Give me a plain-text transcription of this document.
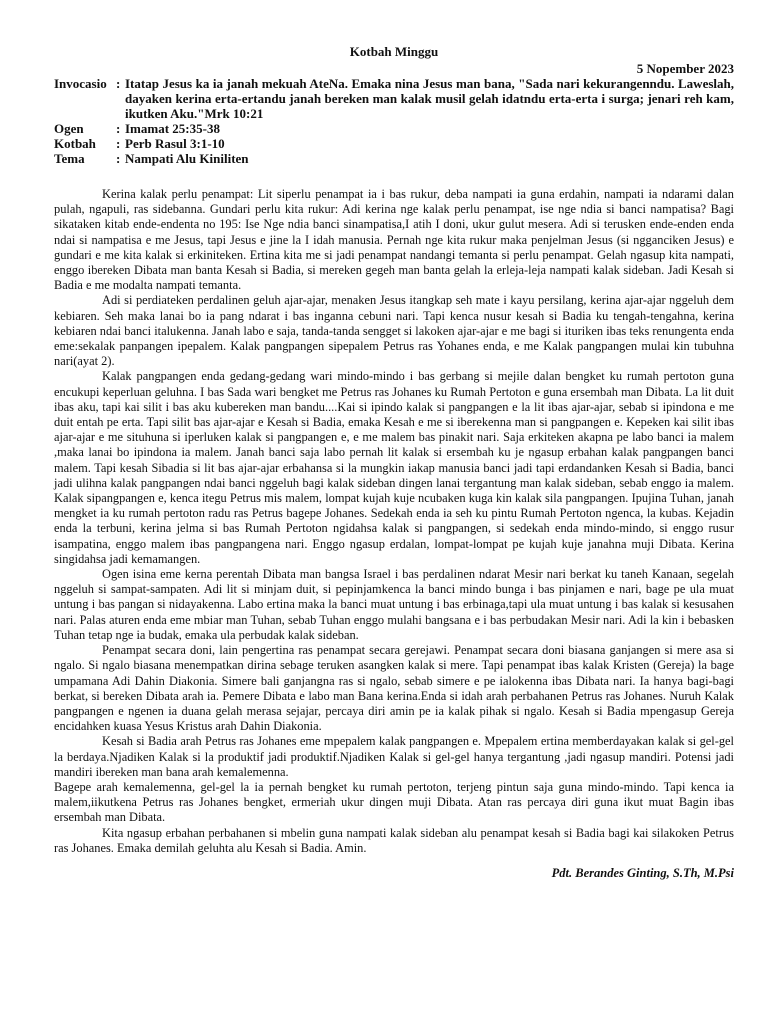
Kotbah Minggu
5 Nopember 2023
Invocasio : Itatap Jesus ka ia janah mekuah AteNa. Emaka nina Jesus man bana, "Sada nari kekurangenndu. Laweslah, dayaken kerina erta-ertandu janah bereken man kalak musil gelah idatndu erta-erta i surga; jenari reh kam, ikutken Aku."Mrk 10:21
Ogen	: Imamat 25:35-38
Kotbah	: Perb Rasul 3:1-10
Tema	: Nampati Alu Kiniliten

Kerina kalak perlu penampat: Lit siperlu penampat ia i bas rukur, deba nampati ia guna erdahin, nampati ia ndarami dalan pulah, ngapuli, ras sidebanna. Gundari perlu kita rukur: Adi kerina nge kalak perlu penampat, ise nge ndia si banci nampatisa? Bagi sikataken kitab ende-endenta no 195: Ise Nge ndia banci sinampatisa,I atih I doni, ukur gulut mesera. Adi si terusken ende-enden enda ndai si nampatisa e me Jesus, tapi Jesus e jine la I idah manusia. Pernah nge kita rukur maka penjelman Jesus (si ngganciken Jesus) e gundari e me kita kalak si erkiniteken. Ertina kita me si jadi penampat nandangi temanta si perlu penampat. Gelah ngasup kita nampati, enggo ibereken Dibata man banta Kesah si Badia, si mereken gegeh man banta gelah la erleja-leja nampati kalak sideban. Jadi Kesah si Badia e me modalta nampati temanta.

Adi si perdiateken perdalinen geluh ajar-ajar, menaken Jesus itangkap seh mate i kayu persilang, kerina ajar-ajar nggeluh dem kebiaren. Seh maka lanai bo ia pang ndarat i bas inganna cebuni nari. Tapi kenca nusur kesah si Badia ku tengah-tengahna, kerina kebiaren ndai banci italukenna. Janah labo e saja, tanda-tanda sengget si lakoken ajar-ajar e me bagi si ituriken ibas teks renungenta enda eme:sekalak panpangen ipepalem. Kalak pangpangen sipepalem Petrus ras Yohanes enda, e me Kalak pangpangen mulai kin tubuhna nari(ayat 2).

Kalak pangpangen enda gedang-gedang wari mindo-mindo i bas gerbang si mejile dalan bengket ku rumah pertoton guna encukupi keperluan geluhna. I bas Sada wari bengket me Petrus ras Johanes ku Rumah Pertoton e guna ersembah man Dibata. La lit duit ibas aku, tapi kai silit i bas aku kubereken man bandu....Kai si ipindo kalak si pangpangen e la lit ibas ajar-ajar, sebab si ipindona e me duit entah pe erta. Tapi silit bas ajar-ajar e Kesah si Badia, emaka Kesah e me si iberekenna man si pangpangen e. Kepeken kai silit ibas ajar-ajar e me situhuna si iperluken kalak si pangpangen e, e me malem bas pinakit nari. Saja erkiteken akapna pe labo banci ia malem ,maka lanai bo ipindona ia malem. Janah banci saja labo pernah lit kalak si ersembah ku je ngasup erbahan kalak pangpangen banci malem. Tapi kesah Sibadia si lit bas ajar-ajar erbahansa si la mungkin iakap manusia banci jadi tapi erdandanken Kesah si Badia, banci jadi ulihna kalak pangpangen ndai banci nggeluh bagi kalak sideban dingen lanai tergantung man kalak sideban, sebab enggo ia malem. Kalak sipangpangen e, kenca itegu Petrus mis malem, lompat kujah kuje ncubaken kuga kin kalak sila pangpangen. Ipujina Tuhan, janah mengket ia ku rumah pertoton radu ras Petrus bagepe Johanes. Sedekah enda ia seh ku pintu Rumah Pertoton ngenca, la kubas. Kejadin enda la terbuni, kerina jelma si bas Rumah Pertoton ngidahsa kalak si pangpangen, si sedekah enda mindo-mindo, si enggo rusur isampatina, enggo malem ibas pangpangena nari. Enggo ngasup erdalan, lompat-lompat pe kujah kuje janahna muji Dibata. Kerina singidahsa jadi kemamangen.

Ogen isina eme kerna perentah Dibata man bangsa Israel i bas perdalinen ndarat Mesir nari berkat ku taneh Kanaan, segelah nggeluh si sampat-sampaten. Adi lit si minjam duit, si pepinjamkenca la banci mindo bunga i bas pinjamen e nari, bage pe ula muat untung i bas pangan si nidayakenna. Labo ertina maka la banci muat untung i bas erbinaga,tapi ula muat untung i bas kalak si kesusahen nari. Palas aturen enda eme mbiar man Tuhan, sebab Tuhan enggo mulahi bangsana e i bas perbudakan Mesir nari. Adi la kin i bebasken Tuhan tetap nge ia budak, emaka ula perbudak kalak sideban.

Penampat secara doni, lain pengertina ras penampat secara gerejawi. Penampat secara doni biasana ganjangen si mere asa si ngalo. Si ngalo biasana menempatkan dirina sebage teruken asangken kalak si mere. Tapi penampat ibas kalak Kristen (Gereja) la bage umpamana Adi Dahin Diakonia. Simere bali ganjangna ras si ngalo, sebab simere e pe ialokenna ibas Dibata nari. Ia hanya bagi-bagi berkat, si bereken Dibata arah ia. Pemere Dibata e labo man Bana kerina.Enda si idah arah perbahanen Petrus ras Johanes. Nuruh Kalak pangpangen e ngenen ia duana gelah merasa sejajar, percaya diri amin pe ia kalak pihak si ngalo. Kesah si Badia mpengasup Gereja encidahken kuasa Yesus Kristus arah Dahin Diakonia.

Kesah si Badia arah Petrus ras Johanes eme mpepalem kalak pangpangen e. Mpepalem ertina memberdayakan kalak si gel-gel la berdaya.Njadiken Kalak si la produktif jadi produktif.Njadiken Kalak si gel-gel hanya tergantung ,jadi ngasup mandiri. Potensi jadi mandiri ibereken man bana arah kemalemenna.

Bagepe arah kemalemenna, gel-gel la ia pernah bengket ku rumah pertoton, terjeng pintun saja guna mindo-mindo. Tapi kenca ia malem,iikutkena Petrus ras Johanes bengket, ermeriah ukur dingen muji Dibata. Atan ras percaya diri guna ikut muat Bagin ibas ersembah man Dibata.

Kita ngasup erbahan perbahanen si mbelin guna nampati kalak sideban alu penampat kesah si Badia bagi kai silakoken Petrus ras Johanes. Emaka demilah geluhta alu Kesah si Badia. Amin.

Pdt. Berandes Ginting, S.Th, M.Psi
